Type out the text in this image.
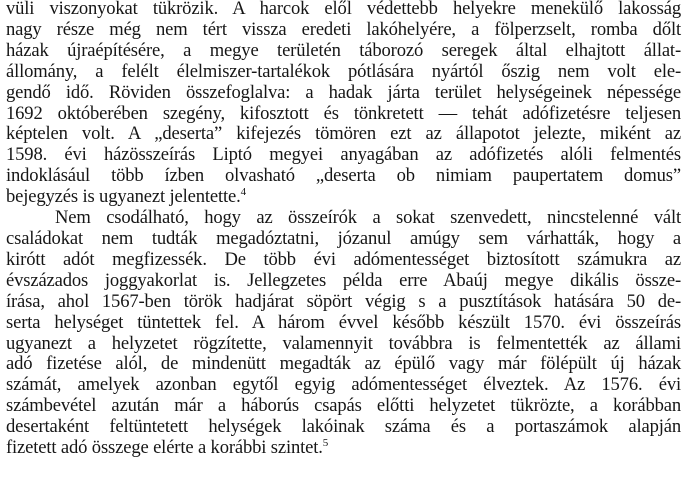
vüli viszonyokat tükrözik. A harcok elől védettebb helyekre menekülő lakosság
nagy része még nem tért vissza eredeti lakóhelyére, a fölperzselt, romba dőlt
házak újraépítésére, a megye területén táborozó seregek által elhajtott állat-
állomány, a felélt élelmiszer-tartalékok pótlására nyártól őszig nem volt ele-
gendő idő. Röviden összefoglalva: a hadak járta terület helységeinek népessége
1692 októberében szegény, kifosztott és tönkretett — tehát adófizetésre teljesen
képtelen volt. A „deserta” kifejezés tömören ezt az állapotot jelezte, miként az
1598. évi házösszeírás Liptó megyei anyagában az adófizetés alóli felmentés
indoklásául több ízben olvasható „deserta ob nimiam paupertatem domus”
bejegyzés is ugyanezt jelentette.$^4$

Nem csodálható, hogy az összeírók a sokat szenvedett, nincstelenné vált
családokat nem tudták megadóztatni, józanul amúgy sem várhatták, hogy a
kirótt adót megfizessék. De több évi adómentességet biztosított számukra az
évszázados joggyakorlat is. Jellegzetes példa erre Abaúj megye dikális össze-
írása, ahol 1567-ben török hadjárat söpört végig s a pusztítások hatására 50 de-
serta helységet tüntettek fel. A három évvel később készült 1570. évi összeírás
ugyanezt a helyzetet rögzítette, valamennyit továbbra is felmentették az állami
adó fizetése alól, de mindenütt megadták az épülő vagy már fölépült új házak
számát, amelyek azonban egytől egyig adómentességet élveztek. Az 1576. évi
számbevétel azután már a háborús csapás előtti helyzetet tükrözte, a korábban
desertaként feltüntetett helységek lakóinak száma és a portaszámok alapján
fizetett adó összege elérte a korábbi szintet.$^5$
